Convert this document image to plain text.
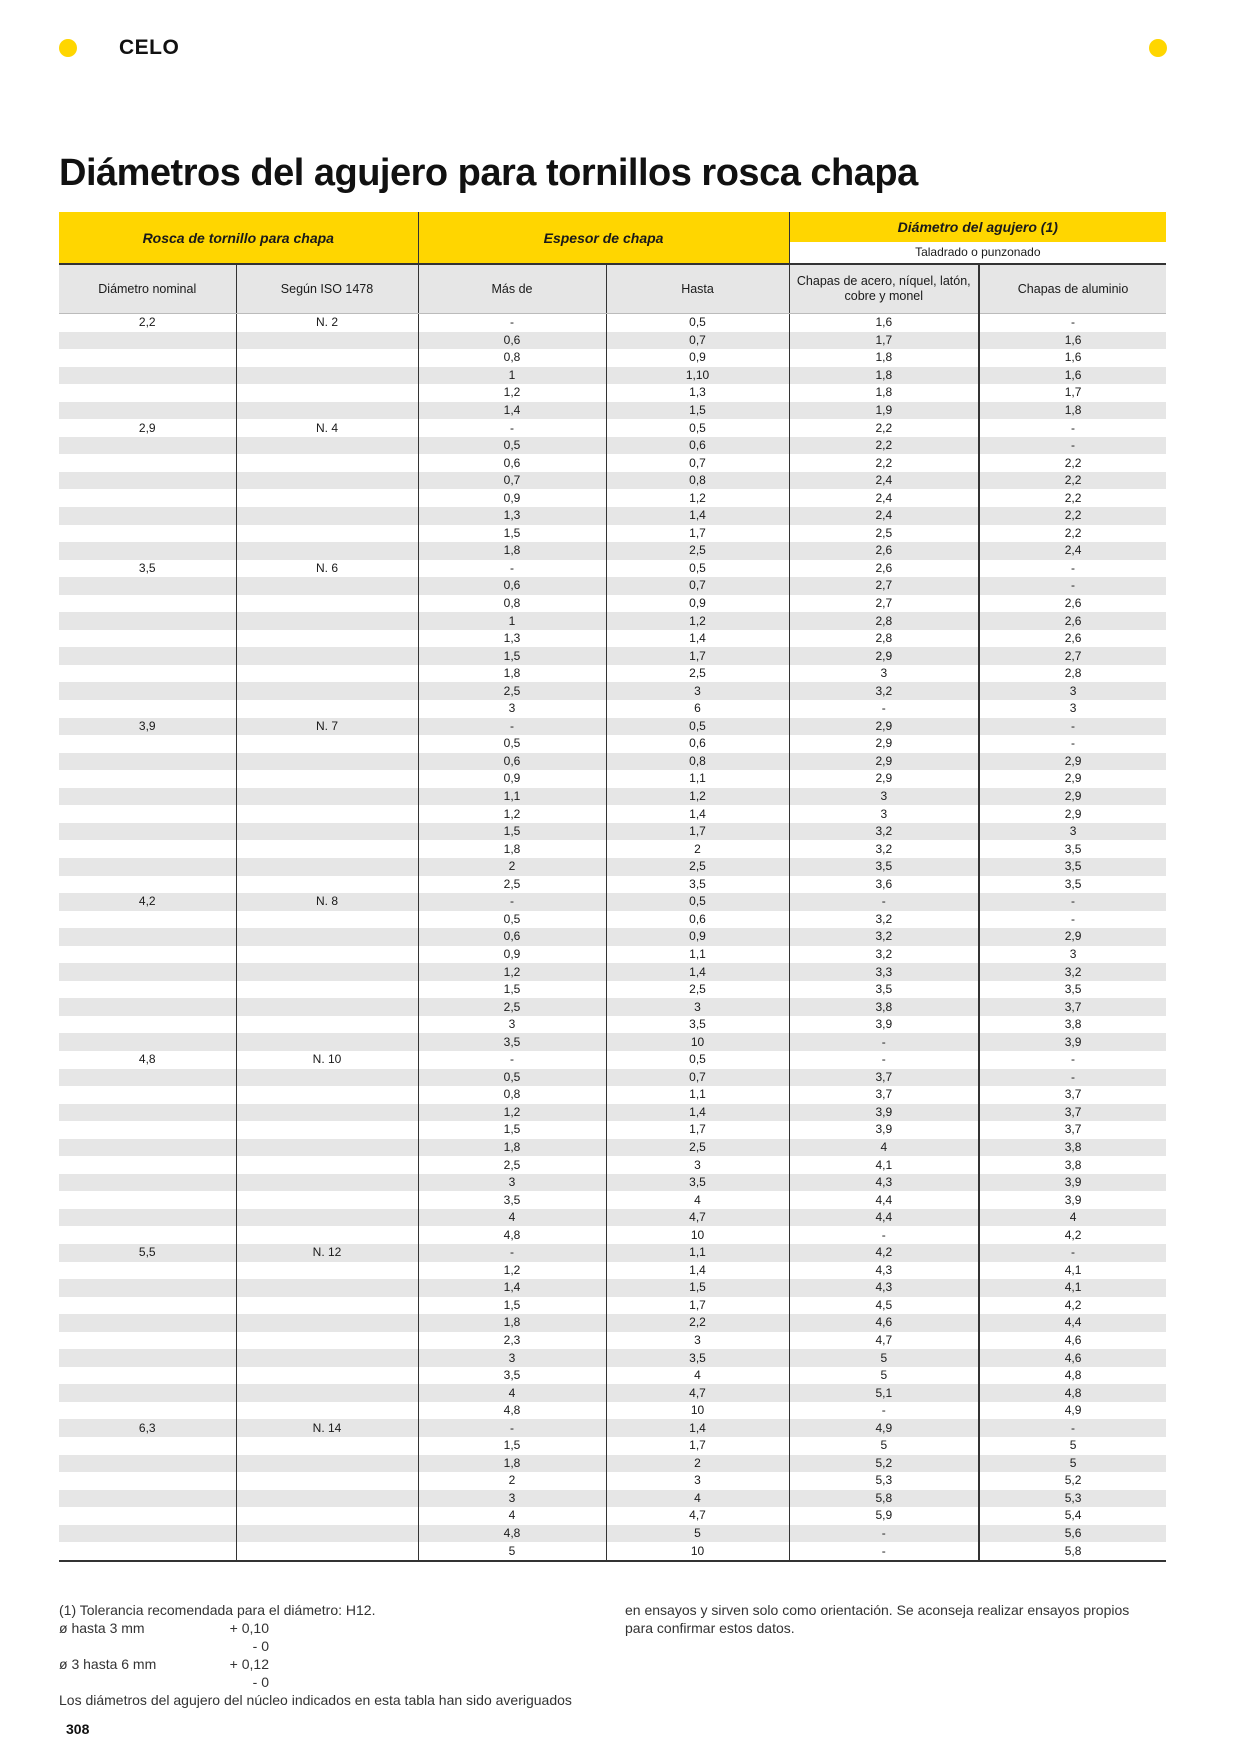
CELO
Diámetros del agujero para tornillos rosca chapa
Rosca de tornillo para chapa		Espesor de chapa		Diámetro del agujero (1)	
				Taladrado o punzonado	
Diámetro nominal	Según ISO 1478	Más de	Hasta	Chapas de acero, níquel, latón, cobre y monel	Chapas de aluminio
2,2	N. 2	-	0,5	1,6	-
		0,6	0,7	1,7	1,6
		0,8	0,9	1,8	1,6
		1	1,10	1,8	1,6
		1,2	1,3	1,8	1,7
		1,4	1,5	1,9	1,8
2,9	N. 4	-	0,5	2,2	-
		0,5	0,6	2,2	-
		0,6	0,7	2,2	2,2
		0,7	0,8	2,4	2,2
		0,9	1,2	2,4	2,2
		1,3	1,4	2,4	2,2
		1,5	1,7	2,5	2,2
		1,8	2,5	2,6	2,4
3,5	N. 6	-	0,5	2,6	-
		0,6	0,7	2,7	-
		0,8	0,9	2,7	2,6
		1	1,2	2,8	2,6
		1,3	1,4	2,8	2,6
		1,5	1,7	2,9	2,7
		1,8	2,5	3	2,8
		2,5	3	3,2	3
		3	6	-	3
3,9	N. 7	-	0,5	2,9	-
		0,5	0,6	2,9	-
		0,6	0,8	2,9	2,9
		0,9	1,1	2,9	2,9
		1,1	1,2	3	2,9
		1,2	1,4	3	2,9
		1,5	1,7	3,2	3
		1,8	2	3,2	3,5
		2	2,5	3,5	3,5
		2,5	3,5	3,6	3,5
4,2	N. 8	-	0,5	-	-
		0,5	0,6	3,2	-
		0,6	0,9	3,2	2,9
		0,9	1,1	3,2	3
		1,2	1,4	3,3	3,2
		1,5	2,5	3,5	3,5
		2,5	3	3,8	3,7
		3	3,5	3,9	3,8
		3,5	10	-	3,9
4,8	N. 10	-	0,5	-	-
		0,5	0,7	3,7	-
		0,8	1,1	3,7	3,7
		1,2	1,4	3,9	3,7
		1,5	1,7	3,9	3,7
		1,8	2,5	4	3,8
		2,5	3	4,1	3,8
		3	3,5	4,3	3,9
		3,5	4	4,4	3,9
		4	4,7	4,4	4
		4,8	10	-	4,2
5,5	N. 12	-	1,1	4,2	-
		1,2	1,4	4,3	4,1
		1,4	1,5	4,3	4,1
		1,5	1,7	4,5	4,2
		1,8	2,2	4,6	4,4
		2,3	3	4,7	4,6
		3	3,5	5	4,6
		3,5	4	5	4,8
		4	4,7	5,1	4,8
		4,8	10	-	4,9
6,3	N. 14	-	1,4	4,9	-
		1,5	1,7	5	5
		1,8	2	5,2	5
		2	3	5,3	5,2
		3	4	5,8	5,3
		4	4,7	5,9	5,4
		4,8	5	-	5,6
		5	10	-	5,8
(1) Tolerancia recomendada para el diámetro: H12.
ø hasta 3 mm	+ 0,10
- 0
ø 3 hasta 6 mm	+ 0,12
- 0
Los diámetros del agujero del núcleo indicados en esta tabla han sido averiguados
en ensayos y sirven solo como orientación. Se aconseja realizar ensayos propios para confirmar estos datos.
308
